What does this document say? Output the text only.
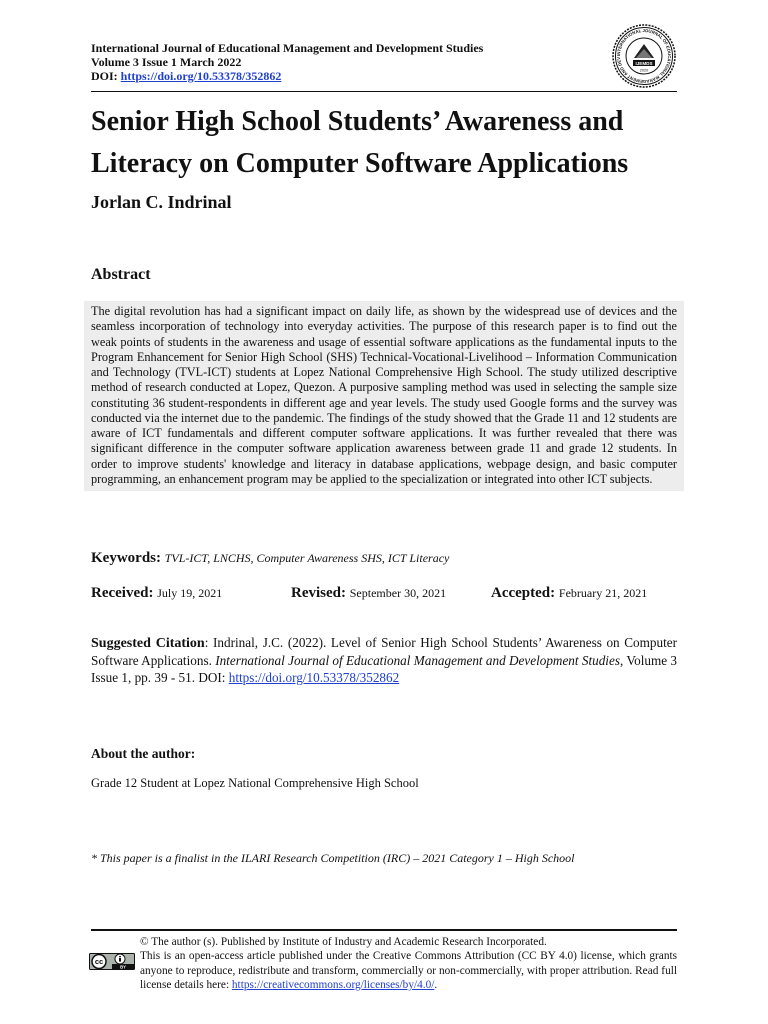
International Journal of Educational Management and Development Studies
Volume 3 Issue 1 March 2022
DOI: https://doi.org/10.53378/352862
INTERNATIONAL JOURNAL OF EDUCATIONAL MANAGEMENT AND DEV
IJEMDS
2020
Senior High School Students’ Awareness and
Literacy on Computer Software Applications
Jorlan C. Indrinal
Abstract
The digital revolution has had a significant impact on daily life, as shown by the widespread use of devices and the seamless incorporation of technology into everyday activities. The purpose of this research paper is to find out the weak points of students in the awareness and usage of essential software applications as the fundamental inputs to the Program Enhancement for Senior High School (SHS) Technical-Vocational-Livelihood – Information Communication and Technology (TVL-ICT) students at Lopez National Comprehensive High School. The study utilized descriptive method of research conducted at Lopez, Quezon. A purposive sampling method was used in selecting the sample size constituting 36 student-respondents in different age and year levels. The study used Google forms and the survey was conducted via the internet due to the pandemic. The findings of the study showed that the Grade 11 and 12 students are aware of ICT fundamentals and different computer software applications. It was further revealed that there was significant difference in the computer software application awareness between grade 11 and grade 12 students. In order to improve students' knowledge and literacy in database applications, webpage design, and basic computer programming, an enhancement program may be applied to the specialization or integrated into other ICT subjects.
Keywords: TVL-ICT, LNCHS, Computer Awareness SHS, ICT Literacy
Received: July 19, 2021	Revised: September 30, 2021	Accepted: February 21, 2021
Suggested Citation: Indrinal, J.C. (2022). Level of Senior High School Students’ Awareness on Computer Software Applications. International Journal of Educational Management and Development Studies, Volume 3 Issue 1, pp. 39 - 51. DOI: https://doi.org/10.53378/352862
About the author:

Grade 12 Student at Lopez National Comprehensive High School

* This paper is a finalist in the ILARI Research Competition (IRC) – 2021 Category 1 – High School

cc
BY

© The author (s). Published by Institute of Industry and Academic Research Incorporated.

This is an open-access article published under the Creative Commons Attribution (CC BY 4.0) license, which grants anyone to reproduce, redistribute and transform, commercially or non-commercially, with proper attribution. Read full license details here: https://creativecommons.org/licenses/by/4.0/.
